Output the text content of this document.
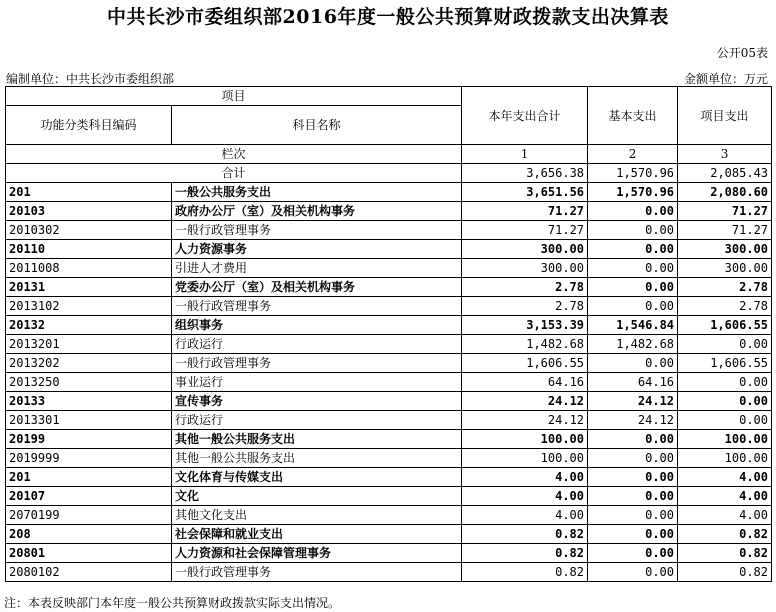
中共长沙市委组织部2016年度一般公共预算财政拨款支出决算表
公开05表
编制单位：中共长沙市委组织部	金额单位：万元
项目		本年支出合计	基本支出	项目支出
功能分类科目编码	科目名称			
栏次		1	2	3
合计		3,656.38	1,570.96	2,085.43
201	一般公共服务支出	3,651.56	1,570.96	2,080.60
20103	政府办公厅（室）及相关机构事务	71.27	0.00	71.27
2010302	一般行政管理事务	71.27	0.00	71.27
20110	人力资源事务	300.00	0.00	300.00
2011008	引进人才费用	300.00	0.00	300.00
20131	党委办公厅（室）及相关机构事务	2.78	0.00	2.78
2013102	一般行政管理事务	2.78	0.00	2.78
20132	组织事务	3,153.39	1,546.84	1,606.55
2013201	行政运行	1,482.68	1,482.68	0.00
2013202	一般行政管理事务	1,606.55	0.00	1,606.55
2013250	事业运行	64.16	64.16	0.00
20133	宣传事务	24.12	24.12	0.00
2013301	行政运行	24.12	24.12	0.00
20199	其他一般公共服务支出	100.00	0.00	100.00
2019999	其他一般公共服务支出	100.00	0.00	100.00
201	文化体育与传媒支出	4.00	0.00	4.00
20107	文化	4.00	0.00	4.00
2070199	其他文化支出	4.00	0.00	4.00
208	社会保障和就业支出	0.82	0.00	0.82
20801	人力资源和社会保障管理事务	0.82	0.00	0.82
2080102	一般行政管理事务	0.82	0.00	0.82
注：本表反映部门本年度一般公共预算财政拨款实际支出情况。
